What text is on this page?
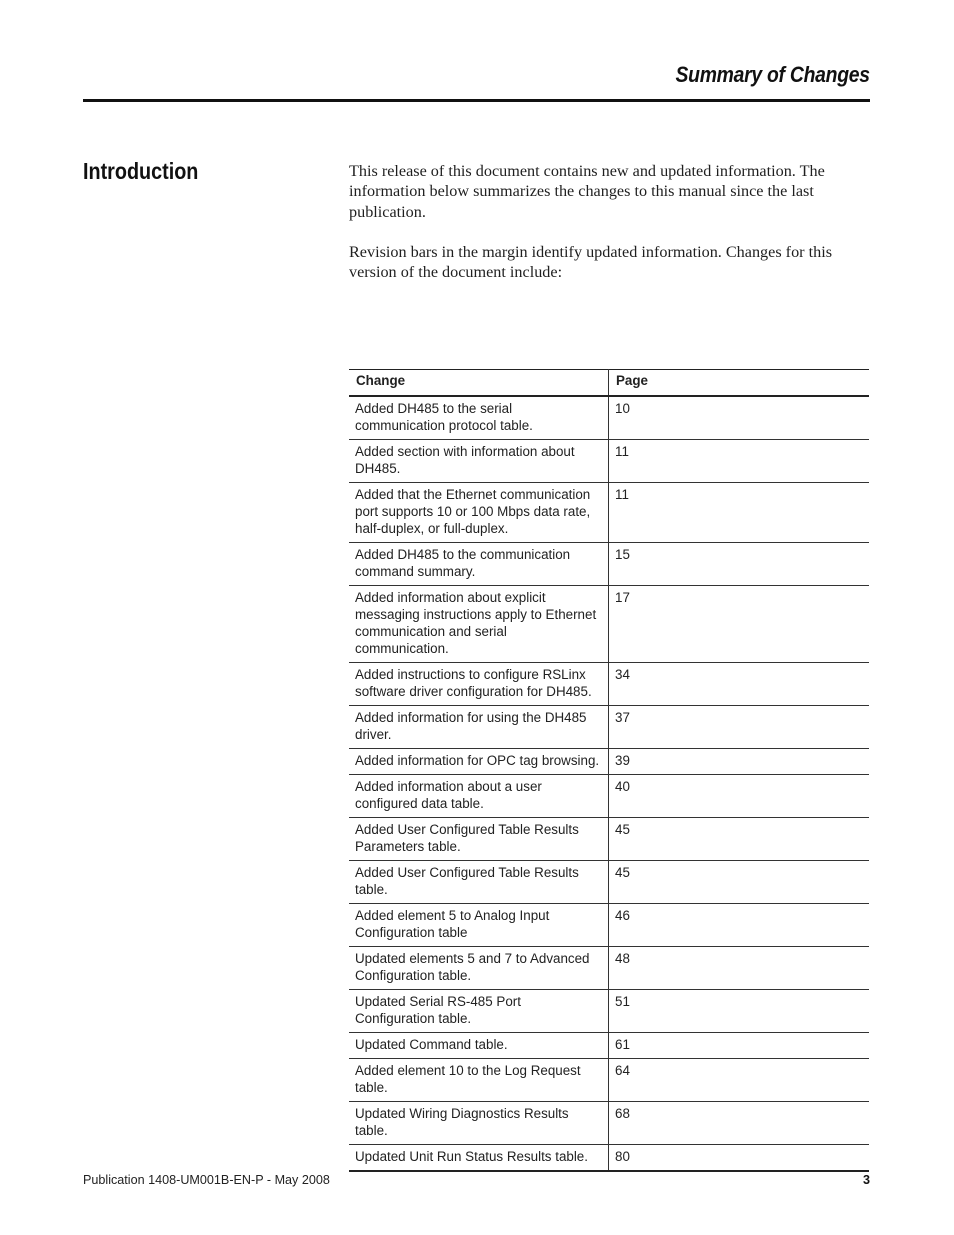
Summary of Changes
Introduction	This release of this document contains new and updated information. The information below summarizes the changes to this manual since the last publication.

Revision bars in the margin identify updated information. Changes for this version of the document include:

Change	Page
Added DH485 to the serial communication protocol table.	10
Added section with information about DH485.	11
Added that the Ethernet communication port supports 10 or 100 Mbps data rate, half-duplex, or full-duplex.	11
Added DH485 to the communication command summary.	15
Added information about explicit messaging instructions apply to Ethernet communication and serial communication.	17
Added instructions to configure RSLinx software driver configuration for DH485.	34
Added information for using the DH485 driver.	37
Added information for OPC tag browsing.	39
Added information about a user configured data table.	40
Added User Configured Table Results Parameters table.	45
Added User Configured Table Results table.	45
Added element 5 to Analog Input Configuration table	46
Updated elements 5 and 7 to Advanced Configuration table.	48
Updated Serial RS-485 Port Configuration table.	51
Updated Command table.	61
Added element 10 to the Log Request table.	64
Updated Wiring Diagnostics Results table.	68
Updated Unit Run Status Results table.	80
Publication 1408-UM001B-EN-P - May 2008	3
